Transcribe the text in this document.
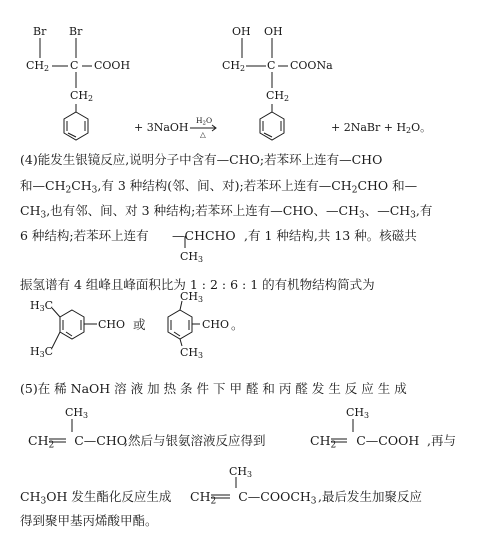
Br Br
$CH_2$ C COOH
$CH_2$
+ 3NaOH
$H_2O$
△
OH OH
$CH_2$ C COONa
$CH_2$
+ 2NaBr + $H_2O$。
(4)能发生银镜反应,说明分子中含有—CHO;若苯环上连有—CHO
和$—CH_2CH_3$,有 3 种结构(邻、间、对);若苯环上连有$—CH_2CHO$ 和—
$CH_3$,也有邻、间、对 3 种结构;若苯环上连有—CHO、$—CH_3$、$—CH_3$,有
6 种结构;若苯环上连有 —CHCHO ,有 1 种结构,共 13 种。核磁共
$CH_3$
振氢谱有 4 组峰且峰面积比为 1 : 2 : 6 : 1 的有机物结构简式为
$H_3C$
$H_3C$
CHO 或
$CH_3$
$CH_3$
CHO 。
(5)在 稀 NaOH 溶 液 加 热 条 件 下 甲 醛 和 丙 醛 发 生 反 应 生 成
$CH_3$
$CH_2$ C—CHO
,然后与银氨溶液反应得到
$CH_3$
$CH_2$ C—COOH ,再与
$CH_3$
$CH_3OH$ 发生酯化反应生成 $CH_2$ $C—COOCH_3$ ,最后发生加聚反应
得到聚甲基丙烯酸甲酯。
